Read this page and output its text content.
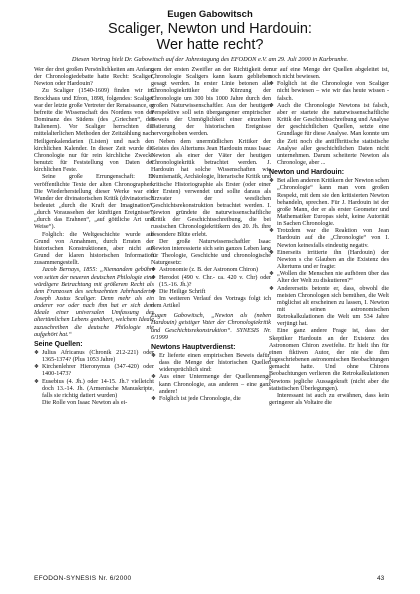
Eugen Gabowitsch
Scaliger, Newton und Hardouin:
Wer hatte recht?
Diesen Vortrag hielt Dr. Gabowitsch auf der Jahrestagung des EFODON e.V. am 29. Juli 2000 in Kurbrunhe.

Wer der drei großen Persönlichkeiten am Anfang der Chronologiedebatte hatte Recht: Scaliger, Newton oder Hardouin?

Zu Scaliger (1540-1609) finden wir im Brockhaus und Efron, 1898, folgendes: Scaliger war der letzte große Vertreter der Renaissance, er befreite die Wissenschaft des Nordens von der Dominanz des Südens (des „Griechen“, des Italienern). Vor Scaliger herrschten die mittelalterlichen Methoden der Zeitzählung nach Heiligenkalendarien (Listen) und nach den kirchlichen Kalender. In dieser Zeit wurde die Chronologie nur für rein kirchliche Zwecke benutzt: für Feststellung von Daten der kirchlichen Feste.

Seine große Errungenschaft: Er veröffentlichte Texte der alten Chronographen. Die Wiederherstellung dieser Werke war ein Wunder der divinatorischen Kritik (divinatorisch bedeutet „durch die Kraft der Imagination“, „durch Voraussehen der künftigen Ereignisse“, „durch das Erahnen“, „auf göttliche Art und Weise“).

Folglich: die Weltgeschichte wurde auf Grund von Annahmen, durch Erraten der historischen Konstruktionen, aber nicht auf Grund der klaren historischen Information zusammengestellt.

Jacob Bernays, 1855: „Niemandem gebührt von seiten der neueren deutschen Philologie eine würdigere Betrachtung mit größerem Recht als dem Franzosen des sechszehnten Jahrhunderts, Joseph Justus Scaliger. Denn mehr als ein anderer vor oder nach ihm hat er sich dem Ideale einer universalen Umfassung des altertümlichen Lebens genähert, welchem Ideale zuzuschreiben die deutsche Philologie nie aufgehört hat.“

Seine Quellen:
❖ Julius Africanus (Chronik 212-221) oder 1365-1374? (Plus 1053 Jahre)
❖ Kirchenlehrer Hieronymus (347-420) oder 1400-1473?
❖ Eusebius (4. Jh.) oder 14-15. Jh.? vielleicht doch 13.-14. Jh. (Armenische Manuskripte, falls sie richtig datiert wurden)

Die Rolle von Isaac Newton als ei-

nem der ersten Zweifler an der Richtigkeit der Chronologie Scaligers kann kaum geblieben gesagt werden. In erster Linie betonen alle Chronologiekritiker die Kürzung der Chronologie um 300 bis 1000 Jahre durch den großen Naturwissenschaftler. Aus der heutigen Perspektive soll sein übergangener empirischer Beweis der Unmöglichkeit einer einzelnen Datierung der historischen Ereignisse hervorgehoben werden.

Neben dem unermüdlichen Kritiker der Geistes des Altertums Jean Hardouin muss Isaac Newton als einer der Väter der heutigen Chronologiekritik betrachtet werden. J. Hardouin hat solche Wissenschaften wie Numismatik, Archäologie, literarische Kritik und kritische Historiographie als Erster (oder einer der Ersten) verwendet und sollte daraus als Erzvater der westlichen Geschichtsrekonstruktion betrachtet werden. I. Newton gründete die naturwissenschaftliche Kritik der Geschichtsschreibung, die bei russischen Chronologiekritikern des 20. Jh. ihre besondere Blüte erlebt.

Der große Naturwissenschaftler Isaac Newton interessierte sich sein ganzes Leben lang für Theologie, Geschichte und chronologische Naturgesetz:

❖ Astronomie (z. B. der Astronom Chiron)
❖ Herodot (490 v. Chr.- ca. 420 v. Chr) oder (15.-16. Jh.)?
❖ Die Heilige Schrift

Im weiteren Verlauf des Vortrags folgt ich dem Artikel

Eugen Gabowitsch, „Newton als (neben Hardouin) geistiger Vater der Chronologiekritik und Geschichtsrekonstruktion“. SYNESIS Nr. 6/1999

Newtons Hauptverdienst:
❖ Er lieferte einen empirischen Beweis dafür, dass die Menge der historischen Quellen widersprüchlich sind:
❖ Aus einer Untermenge der Quellenmenge kann Chronologie, aus anderen – eine ganz andere!
❖ Folglich ist jede Chronologie, die

nur auf eine Menge der Quellen abgeleitet ist, noch nicht bewiesen.

❖ Folglich ist die Chronologie von Scaliger nicht bewiesen – wie wir das heute wissen - falsch.
❖ Auch die Chronologie Newtons ist falsch, aber er startete die naturwissenschaftliche Kritik der Geschichtsschreibung und Analyse der geschichtlichen Quellen, setzte eine Grundlage für diese Analyse. Man konnte um die Zeit noch die antiflhritische statistische Analyse aller geschichtlichen Daten nicht unternehmen. Darum scheiterte Newton als Chronologe, aber ...
Newton und Hardouin:
❖ Bei allen anderen Kritikern der Newton schen „Chronologie“ kann man vom großen Respekt, mit dem sie den kritisierten Newton behandeln, sprechen. Für J. Hardouin ist der große Mann, der er als erster Geometer und Mathematiker Europas sieht, keine Autorität in Sachen Chronologie.
❖ Trotzdem war die Reaktion von Jean Hardouin auf die „Chronologie“ von I. Newton keinesfalls eindeutig negativ.
❖ Einerseits irritierte ihn (Hardouin) der Newton s che Glauben an die Existenz des Altertums und er fragte:
❖ „Wollen die Menschen nie aufhören über das Alter der Welt zu diskutieren?“
❖ Andererseits betonte er, dass, obwohl die meisten Chronologen sich bemühen, die Welt möglichst alt erscheinen zu lassen, I. Newton mit seinen astronomischen Retrokalkulationen die Welt um 534 Jahre verjüngt hat.

Eine ganz andere Frage ist, dass der Skeptiker Hardouin an der Existenz des Astronomen Chiron zweifelte. Er hielt ihn für einen fiktiven Autor, der nie die ihm zugeschriebenen astronomischen Beobachtungen gemacht hatte. Und ohne Chirons Beobachtungen verlieren die Retrokalkulationen Newtons jegliche Aussagekraft (nicht aber die statistischen Überlegungen).

Interessant ist auch zu erwähnen, dass kein geringerer als Voltaire die

EFODON-SYNESIS Nr. 6/2000	43
